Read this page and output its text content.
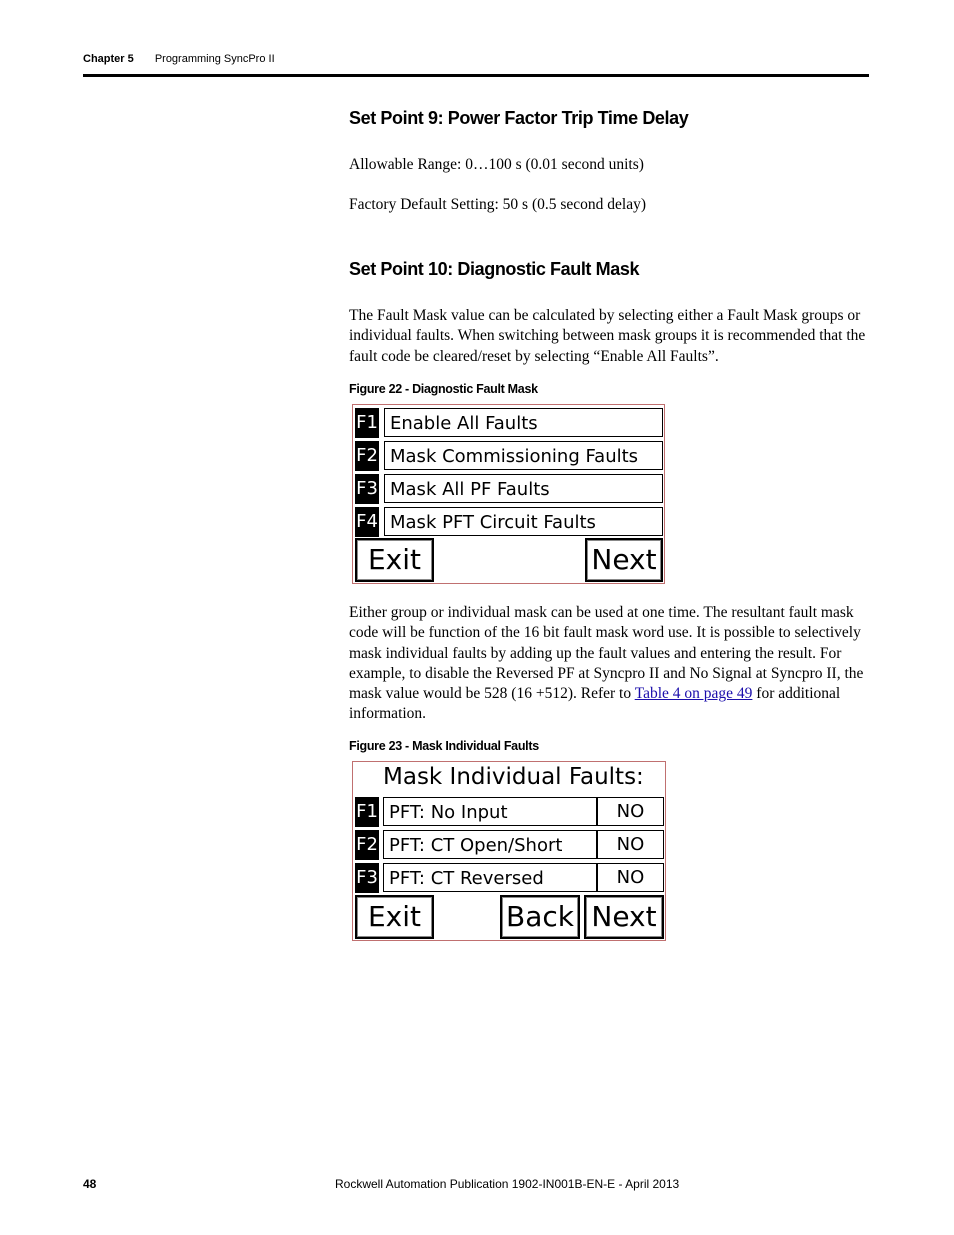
Chapter 5 Programming SyncPro II
Set Point 9: Power Factor Trip Time Delay

Allowable Range: 0…100 s (0.01 second units)

Factory Default Setting: 50 s (0.5 second delay)

Set Point 10: Diagnostic Fault Mask

The Fault Mask value can be calculated by selecting either a Fault Mask groups or individual faults. When switching between mask groups it is recommended that the fault code be cleared/reset by selecting “Enable All Faults”.

Figure 22 - Diagnostic Fault Mask
F1 Enable All Faults
F2 Mask Commissioning Faults
F3 Mask All PF Faults
F4 Mask PFT Circuit Faults
Exit	Next

Either group or individual mask can be used at one time. The resultant fault mask code will be function of the 16 bit fault mask word use. It is possible to selectively mask individual faults by adding up the fault values and entering the result. For example, to disable the Reversed PF at Syncpro II and No Signal at Syncpro II, the mask value would be 528 (16 +512). Refer to Table 4 on page 49 for additional information.

Figure 23 - Mask Individual Faults
Mask Individual Faults:
F1 PFT: No Input	NO
F2 PFT: CT Open/Short	NO
F3 PFT: CT Reversed	NO
Exit	Back Next
48	Rockwell Automation Publication 1902-IN001B-EN-E - April 2013
